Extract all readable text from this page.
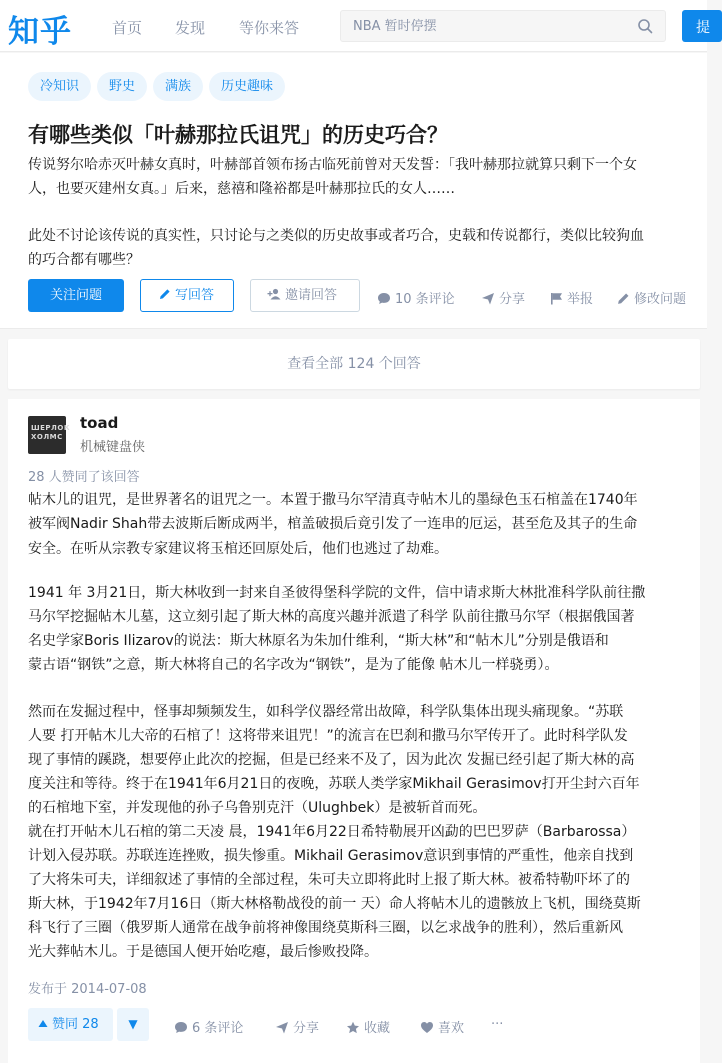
知乎	首页 发现 等你来答
NBA 暂时停摆	提
冷知识 野史 满族 历史趣味
有哪些类似「叶赫那拉氏诅咒」的历史巧合？
传说努尔哈赤灭叶赫女真时，叶赫部首领布扬古临死前曾对天发誓：「我叶赫那拉就算只剩下一个女
人，也要灭建州女真。」后来，慈禧和隆裕都是叶赫那拉氏的女人……
此处不讨论该传说的真实性，只讨论与之类似的历史故事或者巧合，史载和传说都行，类似比较狗血
的巧合都有哪些？
关注问题	写回答	邀请回答	10 条评论	分享	举报	修改问题
查看全部 124 个回答
ШЕРЛОК ХОЛМС
toad
机械键盘侠
28 人赞同了该回答
帖木儿的诅咒，是世界著名的诅咒之一。本置于撒马尔罕清真寺帖木儿的墨绿色玉石棺盖在1740年
被军阀Nadir Shah带去波斯后断成两半，棺盖破损后竟引发了一连串的厄运，甚至危及其子的生命
安全。在听从宗教专家建议将玉棺还回原处后，他们也逃过了劫难。
1941 年 3月21日，斯大林收到一封来自圣彼得堡科学院的文件，信中请求斯大林批准科学队前往撒
马尔罕挖掘帖木儿墓，这立刻引起了斯大林的高度兴趣并派遣了科学 队前往撒马尔罕（根据俄国著
名史学家Boris Ilizarov的说法：斯大林原名为朱加什维利，“斯大林”和“帖木儿”分别是俄语和
蒙古语“钢铁”之意，斯大林将自己的名字改为“钢铁”，是为了能像 帖木儿一样骁勇）。
然而在发掘过程中，怪事却频频发生，如科学仪器经常出故障，科学队集体出现头痛现象。“苏联
人要 打开帖木儿大帝的石棺了！这将带来诅咒！”的流言在巴刹和撒马尔罕传开了。此时科学队发
现了事情的蹊跷，想要停止此次的挖掘，但是已经来不及了，因为此次 发掘已经引起了斯大林的高
度关注和等待。终于在1941年6月21日的夜晚，苏联人类学家Mikhail Gerasimov打开尘封六百年
的石棺地下室，并发现他的孙子乌鲁别克汗（Ulughbek）是被斩首而死。
就在打开帖木儿石棺的第二天凌 晨，1941年6月22日希特勒展开凶勐的巴巴罗萨（Barbarossa）
计划入侵苏联。苏联连连挫败，损失惨重。Mikhail Gerasimov意识到事情的严重性，他亲自找到
了大将朱可夫，详细叙述了事情的全部过程，朱可夫立即将此时上报了斯大林。被希特勒吓坏了的
斯大林，于1942年7月16日（斯大林格勒战役的前一 天）命人将帖木儿的遗骸放上飞机，围绕莫斯
科飞行了三圈（俄罗斯人通常在战争前将神像围绕莫斯科三圈，以乞求战争的胜利），然后重新风
光大葬帖木儿。于是德国人便开始吃瘪，最后惨败投降。
发布于 2014-07-08
赞同 28	▼	6 条评论	分享	收藏	喜欢 ···
